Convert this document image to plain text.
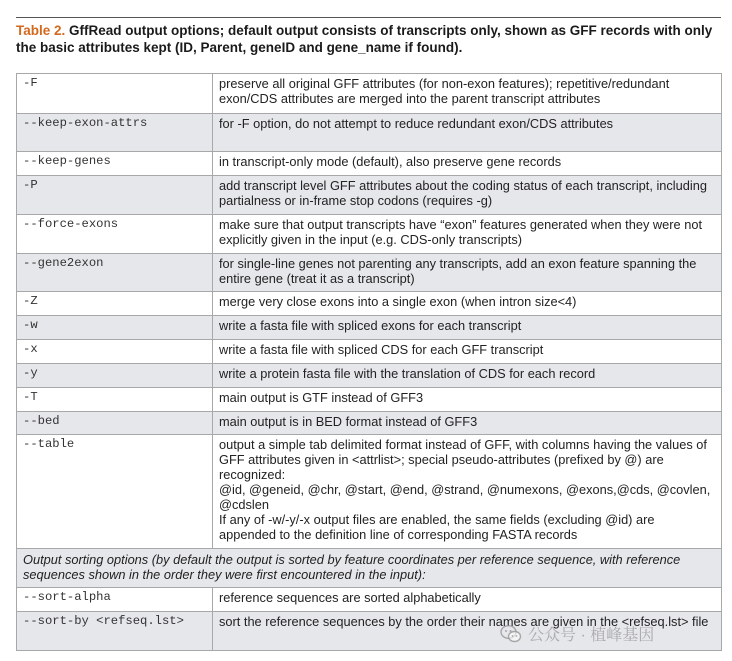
Table 2. GffRead output options; default output consists of transcripts only, shown as GFF records with only the basic attributes kept (ID, Parent, geneID and gene_name if found).

-F	preserve all original GFF attributes (for non-exon features); repetitive/redundant exon/CDS attributes are merged into the parent transcript attributes
--keep-exon-attrs	for -F option, do not attempt to reduce redundant exon/CDS attributes
--keep-genes	in transcript-only mode (default), also preserve gene records
-P	add transcript level GFF attributes about the coding status of each transcript, including partialness or in-frame stop codons (requires -g)
--force-exons	make sure that output transcripts have “exon” features generated when they were not explicitly given in the input (e.g. CDS-only transcripts)
--gene2exon	for single-line genes not parenting any transcripts, add an exon feature spanning the entire gene (treat it as a transcript)
-Z	merge very close exons into a single exon (when intron size<4)
-w	write a fasta file with spliced exons for each transcript
-x	write a fasta file with spliced CDS for each GFF transcript
-y	write a protein fasta file with the translation of CDS for each record
-T	main output is GTF instead of GFF3
--bed	main output is in BED format instead of GFF3
--table	output a simple tab delimited format instead of GFF, with columns having the values of GFF attributes given in <attrlist>; special pseudo-attributes (prefixed by @) are recognized:
@id, @geneid, @chr, @start, @end, @strand, @numexons, @exons,@cds, @covlen, @cdslen
If any of -w/-y/-x output files are enabled, the same fields (excluding @id) are appended to the definition line of corresponding FASTA records

Output sorting options (by default the output is sorted by feature coordinates per reference sequence, with reference sequences shown in the order they were first encountered in the input):	
--sort-alpha	reference sequences are sorted alphabetically
--sort-by <refseq.lst>	sort the reference sequences by the order their names are given in the <refseq.lst> file
公众号 · 植峰基因
